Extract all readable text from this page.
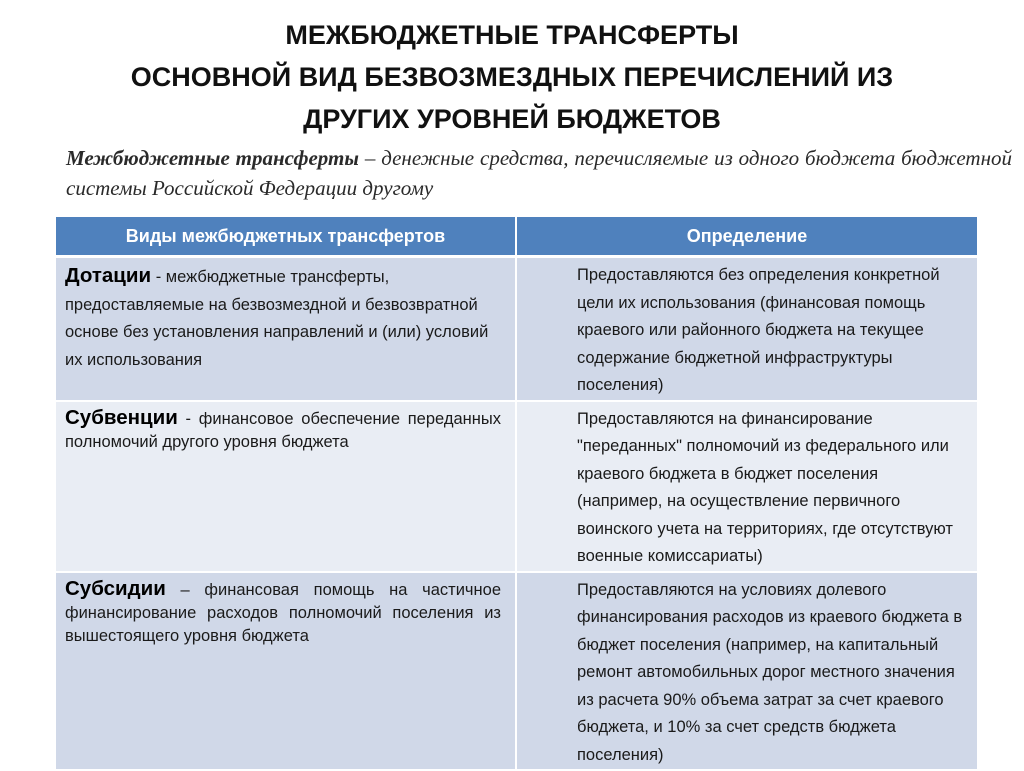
МЕЖБЮДЖЕТНЫЕ ТРАНСФЕРТЫ
ОСНОВНОЙ ВИД БЕЗВОЗМЕЗДНЫХ ПЕРЕЧИСЛЕНИЙ ИЗ
ДРУГИХ УРОВНЕЙ БЮДЖЕТОВ
Межбюджетные трансферты – денежные средства, перечисляемые из одного бюджета бюджетной системы Российской Федерации другому
Виды межбюджетных трансфертов	Определение

Дотации - межбюджетные трансферты, предоставляемые на безвозмездной и безвозвратной основе без установления направлений и (или) условий их использования	Предоставляются без определения конкретной цели их использования (финансовая помощь краевого или районного бюджета на текущее содержание бюджетной инфраструктуры поселения)

Субвенции - финансовое обеспечение переданных полномочий другого уровня бюджета	Предоставляются на финансирование "переданных" полномочий из федерального или краевого бюджета в бюджет поселения (например, на осуществление первичного воинского учета на территориях, где отсутствуют военные комиссариаты)

Субсидии – финансовая помощь на частичное финансирование расходов полномочий поселения из вышестоящего уровня бюджета	Предоставляются на условиях долевого финансирования расходов из краевого бюджета в бюджет поселения (например, на капитальный ремонт автомобильных дорог местного значения из расчета 90% объема затрат за счет краевого бюджета, и 10% за счет средств бюджета поселения)
